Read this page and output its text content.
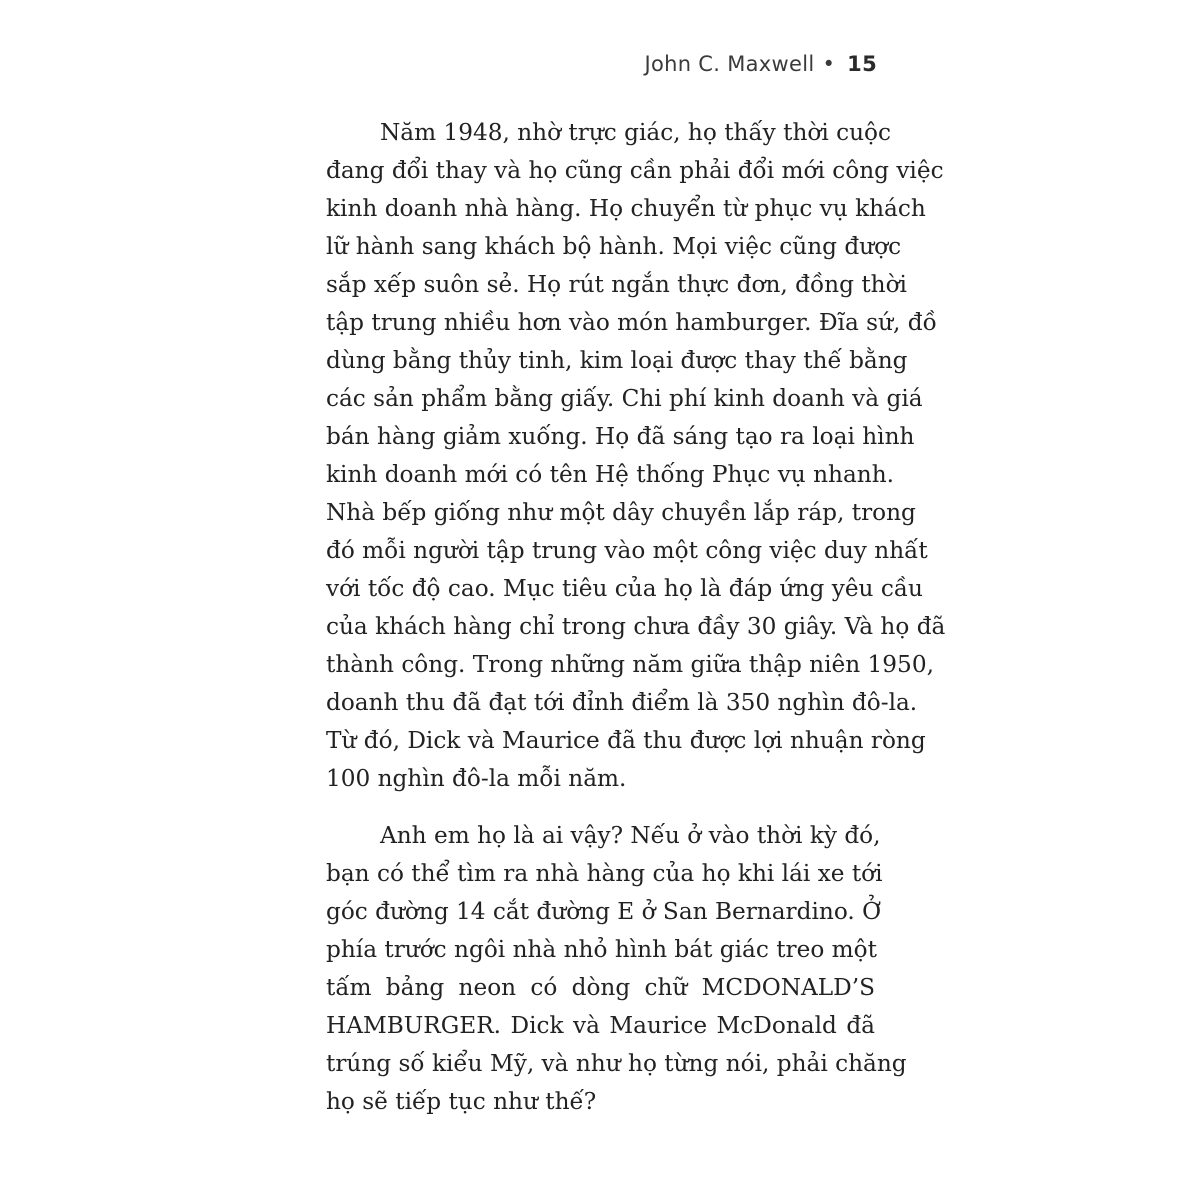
John C. Maxwell • 15
Năm 1948, nhờ trực giác, họ thấy thời cuộc
đang đổi thay và họ cũng cần phải đổi mới công việc
kinh doanh nhà hàng. Họ chuyển từ phục vụ khách
lữ hành sang khách bộ hành. Mọi việc cũng được
sắp xếp suôn sẻ. Họ rút ngắn thực đơn, đồng thời
tập trung nhiều hơn vào món hamburger. Đĩa sứ, đồ
dùng bằng thủy tinh, kim loại được thay thế bằng
các sản phẩm bằng giấy. Chi phí kinh doanh và giá
bán hàng giảm xuống. Họ đã sáng tạo ra loại hình
kinh doanh mới có tên Hệ thống Phục vụ nhanh.
Nhà bếp giống như một dây chuyền lắp ráp, trong
đó mỗi người tập trung vào một công việc duy nhất
với tốc độ cao. Mục tiêu của họ là đáp ứng yêu cầu
của khách hàng chỉ trong chưa đầy 30 giây. Và họ đã
thành công. Trong những năm giữa thập niên 1950,
doanh thu đã đạt tới đỉnh điểm là 350 nghìn đô-la.
Từ đó, Dick và Maurice đã thu được lợi nhuận ròng
100 nghìn đô-la mỗi năm.
Anh em họ là ai vậy? Nếu ở vào thời kỳ đó,
bạn có thể tìm ra nhà hàng của họ khi lái xe tới
góc đường 14 cắt đường E ở San Bernardino. Ở
phía trước ngôi nhà nhỏ hình bát giác treo một
tấm bảng neon có dòng chữ MCDONALD’S
HAMBURGER. Dick và Maurice McDonald đã
trúng số kiểu Mỹ, và như họ từng nói, phải chăng
họ sẽ tiếp tục như thế?
